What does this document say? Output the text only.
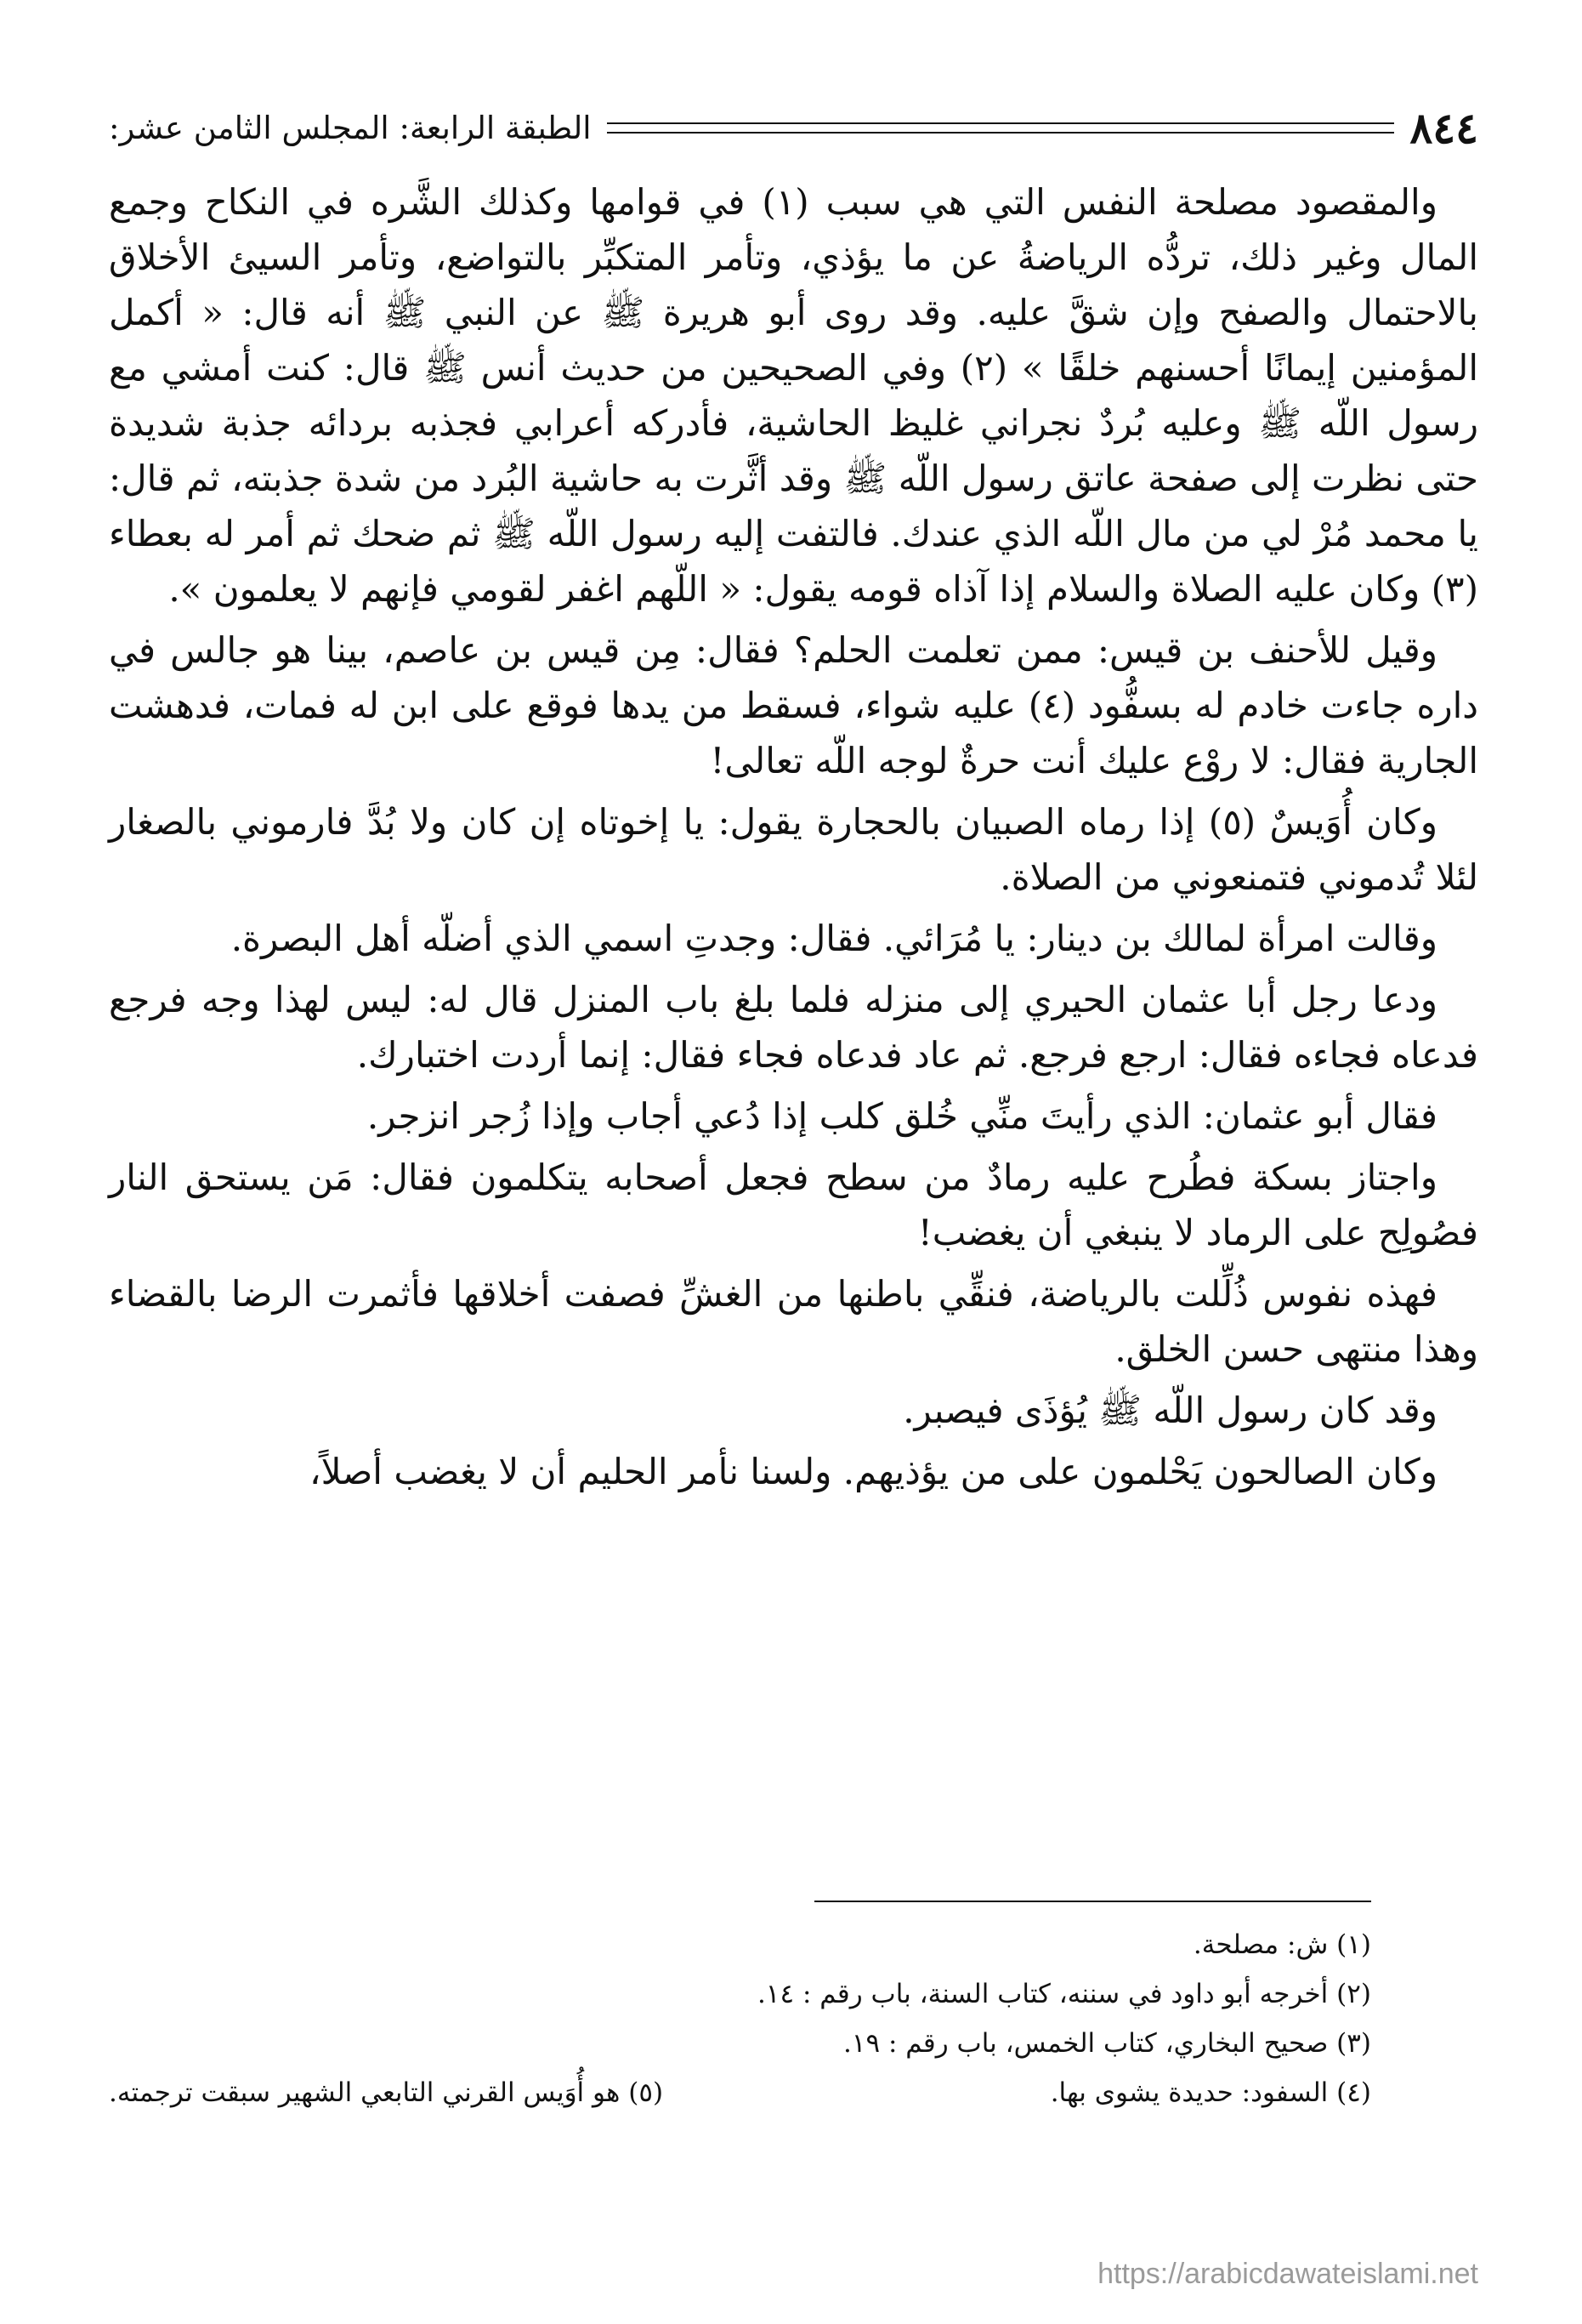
٨٤٤
الطبقة الرابعة: المجلس الثامن عشر:

والمقصود مصلحة النفس التي هي سبب (١) في قوامها وكذلك الشَّره في النكاح وجمع المال وغير ذلك، تردُّه الرياضةُ عن ما يؤذي، وتأمر المتكبِّر بالتواضع، وتأمر السيئ الأخلاق بالاحتمال والصفح وإن شقَّ عليه. وقد روى أبو هريرة ﷺ عن النبي ﷺ أنه قال: « أكمل المؤمنين إيمانًا أحسنهم خلقًا » (٢) وفي الصحيحين من حديث أنس ﷺ قال: كنت أمشي مع رسول اللّه ﷺ وعليه بُردٌ نجراني غليظ الحاشية، فأدركه أعرابي فجذبه بردائه جذبة شديدة حتى نظرت إلى صفحة عاتق رسول اللّه ﷺ وقد أثَّرت به حاشية البُرد من شدة جذبته، ثم قال: يا محمد مُرْ لي من مال اللّه الذي عندك. فالتفت إليه رسول اللّه ﷺ ثم ضحك ثم أمر له بعطاء (٣) وكان عليه الصلاة والسلام إذا آذاه قومه يقول: « اللّهم اغفر لقومي فإنهم لا يعلمون ».

وقيل للأحنف بن قيس: ممن تعلمت الحلم؟ فقال: مِن قيس بن عاصم، بينا هو جالس في داره جاءت خادم له بسفُّود (٤) عليه شواء، فسقط من يدها فوقع على ابن له فمات، فدهشت الجارية فقال: لا روْع عليك أنت حرةٌ لوجه اللّه تعالى!

وكان أُوَيسٌ (٥) إذا رماه الصبيان بالحجارة يقول: يا إخوتاه إن كان ولا بُدَّ فارموني بالصغار لئلا تُدموني فتمنعوني من الصلاة.

وقالت امرأة لمالك بن دينار: يا مُرَائي. فقال: وجدتِ اسمي الذي أضلّه أهل البصرة.

ودعا رجل أبا عثمان الحيري إلى منزله فلما بلغ باب المنزل قال له: ليس لهذا وجه فرجع فدعاه فجاءه فقال: ارجع فرجع. ثم عاد فدعاه فجاء فقال: إنما أردت اختبارك.

فقال أبو عثمان: الذي رأيتَ منِّي خُلق كلب إذا دُعي أجاب وإذا زُجر انزجر.

واجتاز بسكة فطُرح عليه رمادٌ من سطح فجعل أصحابه يتكلمون فقال: مَن يستحق النار فصُولِح على الرماد لا ينبغي أن يغضب!

فهذه نفوس ذُلِّلت بالرياضة، فنقِّي باطنها من الغشِّ فصفت أخلاقها فأثمرت الرضا بالقضاء وهذا منتهى حسن الخلق.

وقد كان رسول اللّه ﷺ يُؤذَى فيصبر.

وكان الصالحون يَحْلمون على من يؤذيهم. ولسنا نأمر الحليم أن لا يغضب أصلاً،

(١) ش: مصلحة.
(٢) أخرجه أبو داود في سننه، كتاب السنة، باب رقم : ١٤.
(٣) صحيح البخاري، كتاب الخمس، باب رقم : ١٩.
(٤) السفود: حديدة يشوى بها.
(٥) هو أُوَيس القرني التابعي الشهير سبقت ترجمته.
https://arabicdawateislami.net
